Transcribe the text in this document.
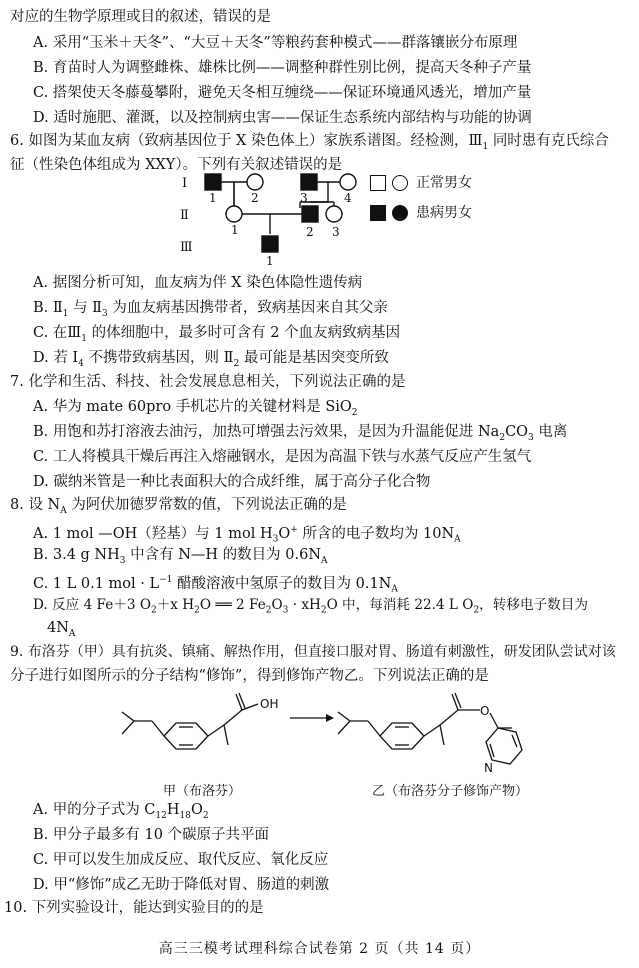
对应的生物学原理或目的叙述，错误的是
A. 采用“玉米＋天冬”、“大豆＋天冬”等粮药套种模式——群落镶嵌分布原理
B. 育苗时人为调整雌株、雄株比例——调整种群性别比例，提高天冬种子产量
C. 搭架使天冬藤蔓攀附，避免天冬相互缠绕——保证环境通风透光，增加产量
D. 适时施肥、灌溉，以及控制病虫害——保证生态系统内部结构与功能的协调
6. 如图为某血友病（致病基因位于 X 染色体上）家族系谱图。经检测，$Ⅲ_1$ 同时患有克氏综合
征（性染色体组成为 XXY）。下列有关叙述错误的是
Ⅰ
Ⅱ
Ⅲ
1	2	3	4
1	2 3
1
正常男女
患病男女
A. 据图分析可知，血友病为伴 X 染色体隐性遗传病
B. $Ⅱ_1$ 与 $Ⅱ_3$ 为血友病基因携带者，致病基因来自其父亲
C. 在$Ⅲ_1$ 的体细胞中，最多时可含有 2 个血友病致病基因
D. 若 $Ⅰ_4$ 不携带致病基因，则 $Ⅱ_2$ 最可能是基因突变所致
7. 化学和生活、科技、社会发展息息相关，下列说法正确的是
A. 华为 mate 60pro 手机芯片的关键材料是 SiO$_2$
B. 用饱和苏打溶液去油污，加热可增强去污效果，是因为升温能促进 $Na_2CO_3$ 电离
C. 工人将模具干燥后再注入熔融钢水，是因为高温下铁与水蒸气反应产生氢气
D. 碳纳米管是一种比表面积大的合成纤维，属于高分子化合物
8. 设 $N_A$ 为阿伏加德罗常数的值，下列说法正确的是
A. 1 mol —OH（羟基）与 1 mol $H_3O^+$ 所含的电子数均为 $10N_A$
B. 3.4 g $NH_3$ 中含有 N—H 的数目为 $0.6N_A$
C. 1 L 0.1 mol · $L^{-1}$ 醋酸溶液中氢原子的数目为 $0.1N_A$
D. 反应 4 Fe＋3 $O_2+x$ $H_2O$ ══ 2 $Fe_2O_3 \cdot xH_2O$ 中，每消耗 22.4 L $O_2$，转移电子数目为
$4N_A$
9. 布洛芬（甲）具有抗炎、镇痛、解热作用，但直接口服对胃、肠道有刺激性，研发团队尝试对该
分子进行如图所示的分子结构“修饰”，得到修饰产物乙。下列说法正确的是
OH	O
N
甲（布洛芬）	乙（布洛芬分子修饰产物）
A. 甲的分子式为 $C_{12}H_{18}O_2$
B. 甲分子最多有 10 个碳原子共平面
C. 甲可以发生加成反应、取代反应、氧化反应
D. 甲“修饰”成乙无助于降低对胃、肠道的刺激
10. 下列实验设计，能达到实验目的的是
高三三模考试理科综合试卷第 2 页（共 14 页）
